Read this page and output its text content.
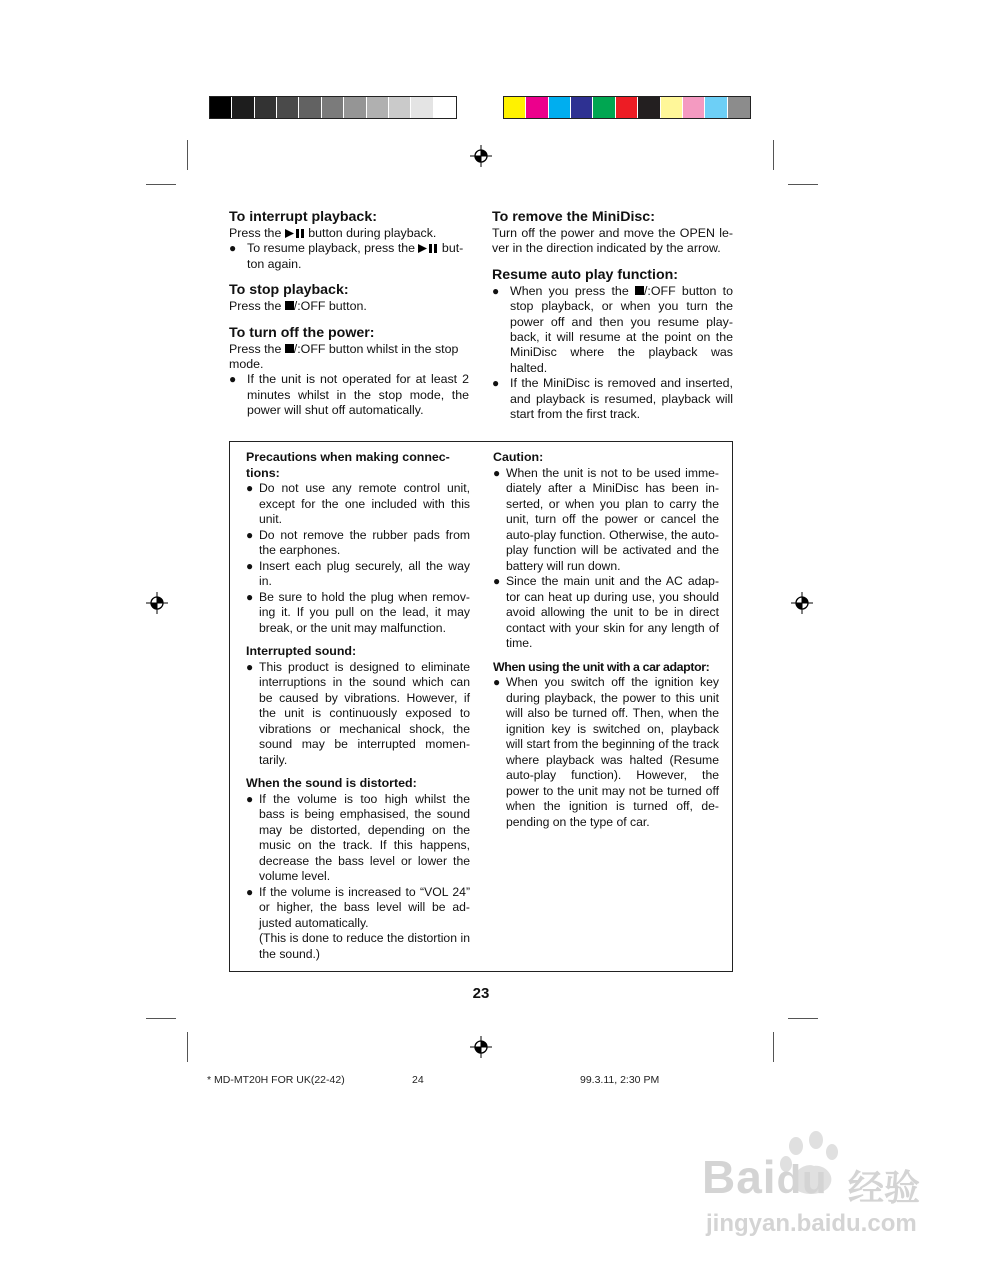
To interrupt playback:

Press the  button during playback.

● To resume playback, press the  but-ton again.

To stop playback:

Press the /:OFF button.

To turn off the power:

Press the /:OFF button whilst in the stop mode.

● If the unit is not operated for at least 2 minutes whilst in the stop mode, the power will shut off automatically.

To remove the MiniDisc:

Turn off the power and move the OPEN le-ver in the direction indicated by the arrow.

Resume auto play function:

● When you press the /:OFF button to stop playback, or when you turn the power off and then you resume play-back, it will resume at the point on the MiniDisc where the playback was halted.
● If the MiniDisc is removed and inserted, and playback is resumed, playback will start from the first track.

Precautions when making connec-tions:

● Do not use any remote control unit, except for the one included with this unit.
● Do not remove the rubber pads from the earphones.
● Insert each plug securely, all the way in.
● Be sure to hold the plug when remov-ing it. If you pull on the lead, it may break, or the unit may malfunction.

Interrupted sound:

● This product is designed to eliminate interruptions in the sound which can be caused by vibrations. However, if the unit is continuously exposed to vibrations or mechanical shock, the sound may be interrupted momen-tarily.

When the sound is distorted:

● If the volume is too high whilst the bass is being emphasised, the sound may be distorted, depending on the music on the track. If this happens, decrease the bass level or lower the volume level.
● If the volume is increased to “VOL 24” or higher, the bass level will be ad-justed automatically.
(This is done to reduce the distortion in the sound.)

Caution:

● When the unit is not to be used imme-diately after a MiniDisc has been in-serted, or when you plan to carry the unit, turn off the power or cancel the auto-play function. Otherwise, the auto-play function will be activated and the battery will run down.
● Since the main unit and the AC adap-tor can heat up during use, you should avoid allowing the unit to be in direct contact with your skin for any length of time.

When using the unit with a car adaptor:

● When you switch off the ignition key during playback, the power to this unit will also be turned off. Then, when the ignition key is switched on, playback will start from the beginning of the track where playback was halted (Resume auto-play function). However, the power to the unit may not be turned off when the ignition is turned off, de-pending on the type of car.
23
* MD-MT20H FOR UK(22-42)	24	99.3.11, 2:30 PM
Baidu 经验
jingyan.baidu.com
